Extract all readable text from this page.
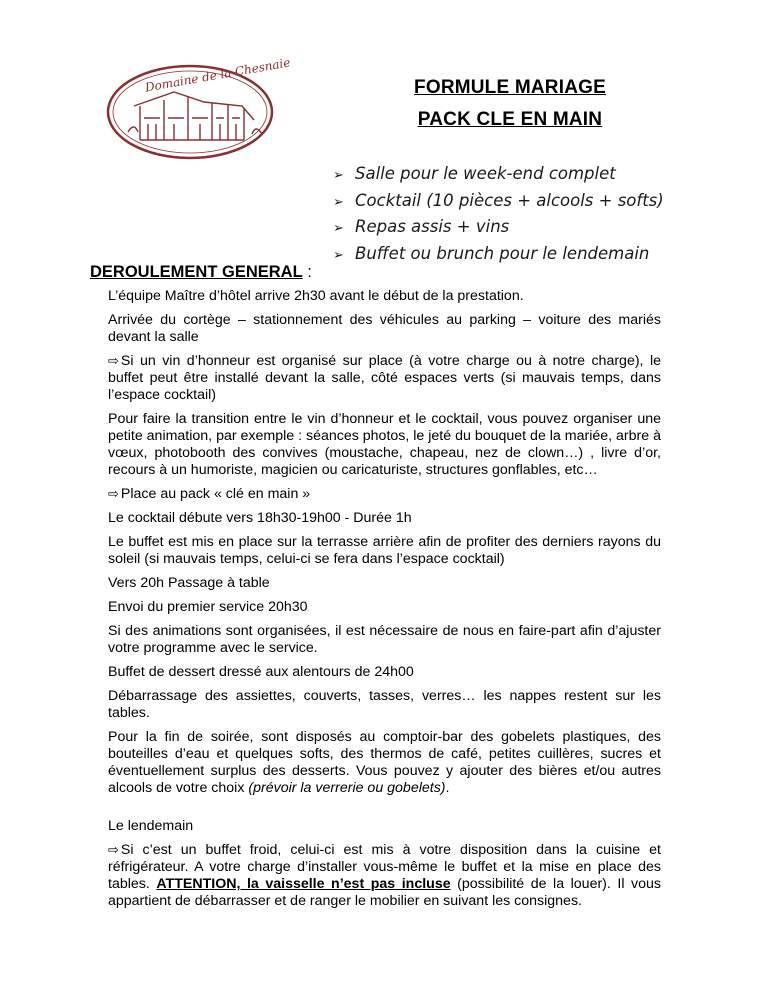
Domaine de la Chesnaie	FORMULE MARIAGE
PACK CLE EN MAIN
➢ Salle pour le week-end complet
➢ Cocktail (10 pièces + alcools + softs)
➢ Repas assis + vins
➢ Buffet ou brunch pour le lendemain
DEROULEMENT GENERAL :

L’équipe Maître d’hôtel arrive 2h30 avant le début de la prestation.

Arrivée du cortège – stationnement des véhicules au parking – voiture des mariés devant la salle

⇨ Si un vin d’honneur est organisé sur place (à votre charge ou à notre charge), le buffet peut être installé devant la salle, côté espaces verts (si mauvais temps, dans l’espace cocktail)

Pour faire la transition entre le vin d’honneur et le cocktail, vous pouvez organiser une petite animation, par exemple : séances photos, le jeté du bouquet de la mariée, arbre à vœux, photobooth des convives (moustache, chapeau, nez de clown…) , livre d’or, recours à un humoriste, magicien ou caricaturiste, structures gonflables, etc…

⇨ Place au pack « clé en main »

Le cocktail débute vers 18h30-19h00 - Durée 1h

Le buffet est mis en place sur la terrasse arrière afin de profiter des derniers rayons du soleil (si mauvais temps, celui-ci se fera dans l’espace cocktail)

Vers 20h Passage à table

Envoi du premier service 20h30

Si des animations sont organisées, il est nécessaire de nous en faire-part afin d’ajuster votre programme avec le service.

Buffet de dessert dressé aux alentours de 24h00

Débarrassage des assiettes, couverts, tasses, verres… les nappes restent sur les tables.

Pour la fin de soirée, sont disposés au comptoir-bar des gobelets plastiques, des bouteilles d’eau et quelques softs, des thermos de café, petites cuillères, sucres et éventuellement surplus des desserts. Vous pouvez y ajouter des bières et/ou autres alcools de votre choix (prévoir la verrerie ou gobelets).

Le lendemain

⇨ Si c’est un buffet froid, celui-ci est mis à votre disposition dans la cuisine et réfrigérateur. A votre charge d’installer vous-même le buffet et la mise en place des tables. ATTENTION, la vaisselle n’est pas incluse (possibilité de la louer). Il vous appartient de débarrasser et de ranger le mobilier en suivant les consignes.
